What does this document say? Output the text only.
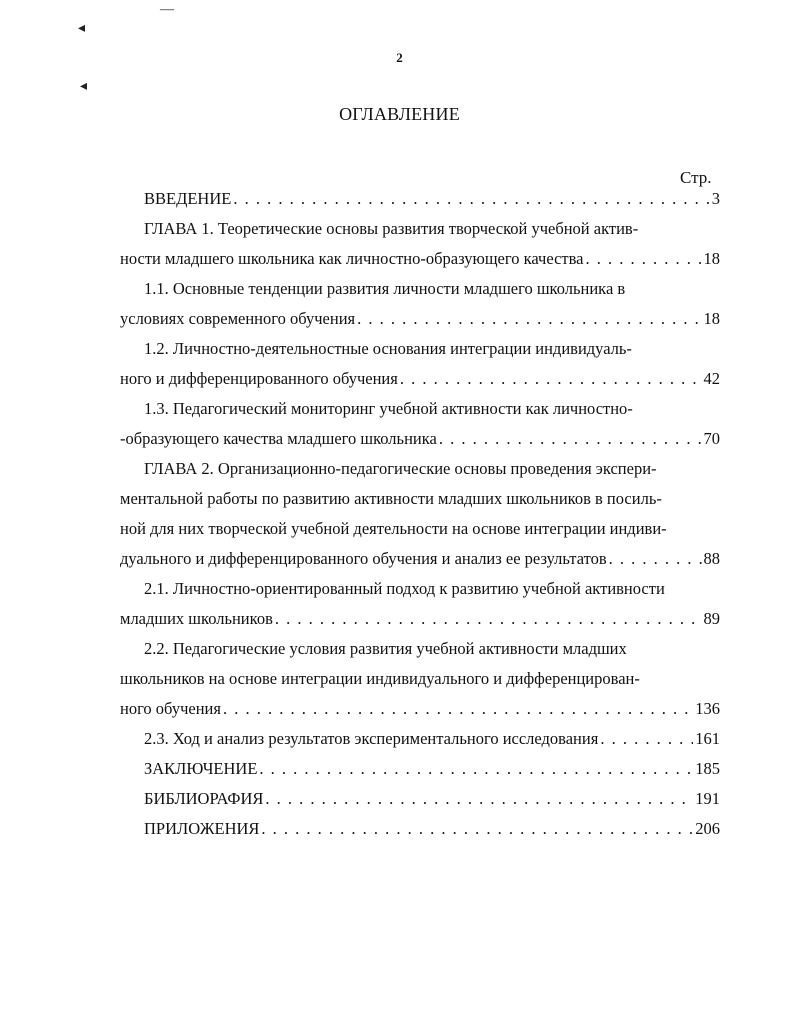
◂
—
◂
2
ОГЛАВЛЕНИЕ
Стр.
ВВЕДЕНИЕ . . .	3
ГЛАВА 1. Теоретические основы развития творческой учебной актив-
ности младшего школьника как личностно-образующего качества . . .	18
1.1. Основные тенденции развития личности младшего школьника в
условиях современного обучения . . .	18
1.2. Личностно-деятельностные основания интеграции индивидуаль-
ного и дифференцированного обучения . . .	42
1.3. Педагогический мониторинг учебной активности как личностно-
-образующего качества младшего школьника . . .	70
ГЛАВА 2. Организационно-педагогические основы проведения экспери-
ментальной работы по развитию активности младших школьников в посиль-
ной для них творческой учебной деятельности на основе интеграции индиви-
дуального и дифференцированного обучения и анализ ее результатов . . .	88
2.1. Личностно-ориентированный подход к развитию учебной активности
младших школьников . . .	89
2.2. Педагогические условия развития учебной активности младших
школьников на основе интеграции индивидуального и дифференцирован-
ного обучения . . .	136
2.3. Ход и анализ результатов экспериментального исследования . . .	161
ЗАКЛЮЧЕНИЕ . . .	185
БИБЛИОРАФИЯ . . .	191
ПРИЛОЖЕНИЯ . . .	206
